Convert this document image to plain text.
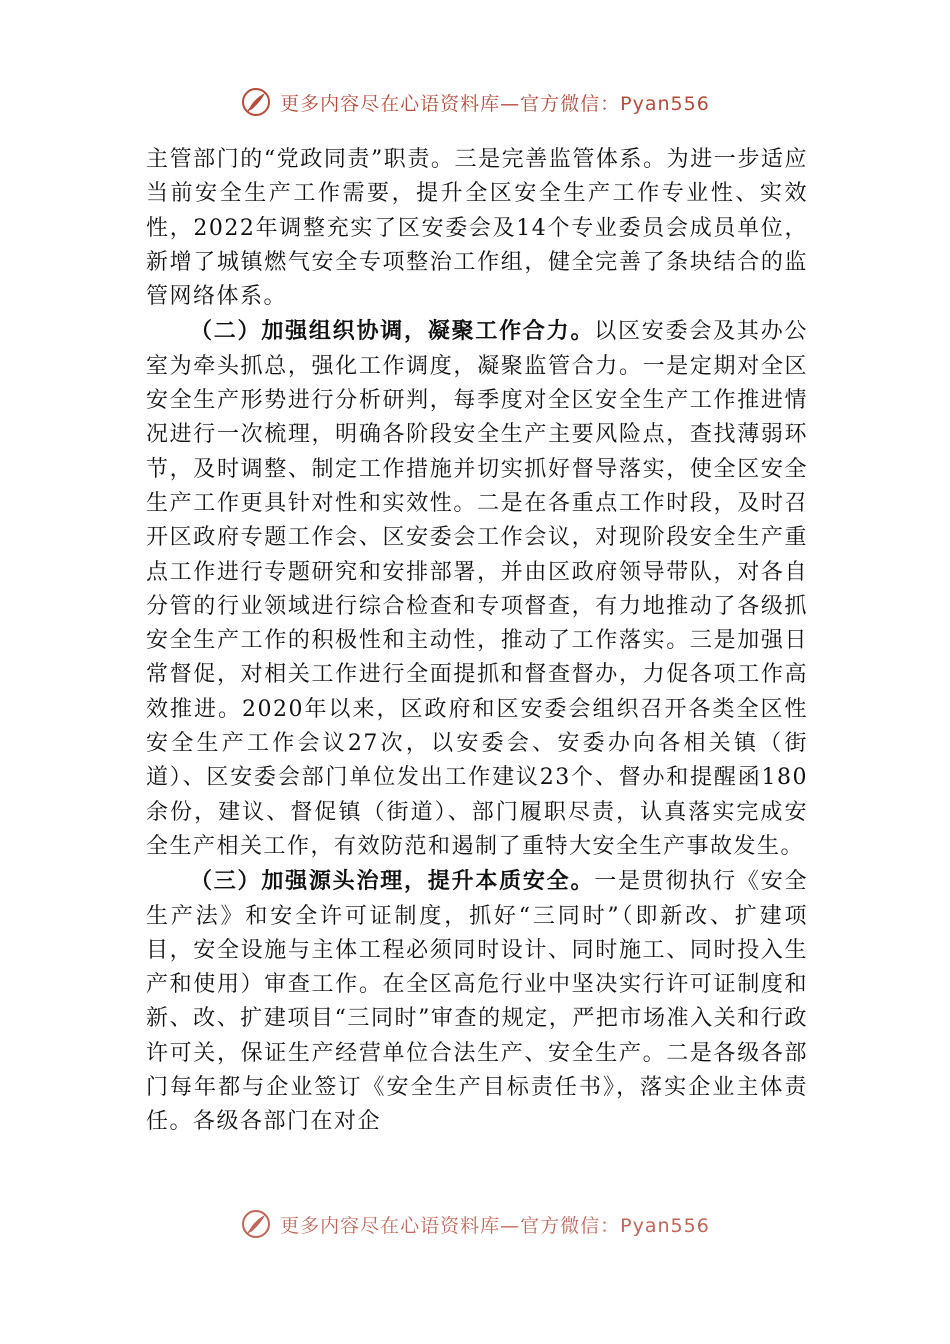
更多内容尽在心语资料库—官方微信：Pyan556

主管部门的“党政同责”职责。三是完善监管体系。为进一步适应当前安全生产工作需要，提升全区安全生产工作专业性、实效性，2022年调整充实了区安委会及14个专业委员会成员单位，新增了城镇燃气安全专项整治工作组，健全完善了条块结合的监管网络体系。

（二）加强组织协调，凝聚工作合力。以区安委会及其办公室为牵头抓总，强化工作调度，凝聚监管合力。一是定期对全区安全生产形势进行分析研判，每季度对全区安全生产工作推进情况进行一次梳理，明确各阶段安全生产主要风险点，查找薄弱环节，及时调整、制定工作措施并切实抓好督导落实，使全区安全生产工作更具针对性和实效性。二是在各重点工作时段，及时召开区政府专题工作会、区安委会工作会议，对现阶段安全生产重点工作进行专题研究和安排部署，并由区政府领导带队，对各自分管的行业领域进行综合检查和专项督查，有力地推动了各级抓安全生产工作的积极性和主动性，推动了工作落实。三是加强日常督促，对相关工作进行全面提抓和督查督办，力促各项工作高效推进。2020年以来，区政府和区安委会组织召开各类全区性安全生产工作会议27次，以安委会、安委办向各相关镇（街道）、区安委会部门单位发出工作建议23个、督办和提醒函180余份，建议、督促镇（街道）、部门履职尽责，认真落实完成安全生产相关工作，有效防范和遏制了重特大安全生产事故发生。

（三）加强源头治理，提升本质安全。一是贯彻执行《安全生产法》和安全许可证制度，抓好“三同时”（即新改、扩建项目，安全设施与主体工程必须同时设计、同时施工、同时投入生产和使用）审查工作。在全区高危行业中坚决实行许可证制度和新、改、扩建项目“三同时”审查的规定，严把市场准入关和行政许可关，保证生产经营单位合法生产、安全生产。二是各级各部门每年都与企业签订《安全生产目标责任书》，落实企业主体责任。各级各部门在对企

更多内容尽在心语资料库—官方微信：Pyan556
